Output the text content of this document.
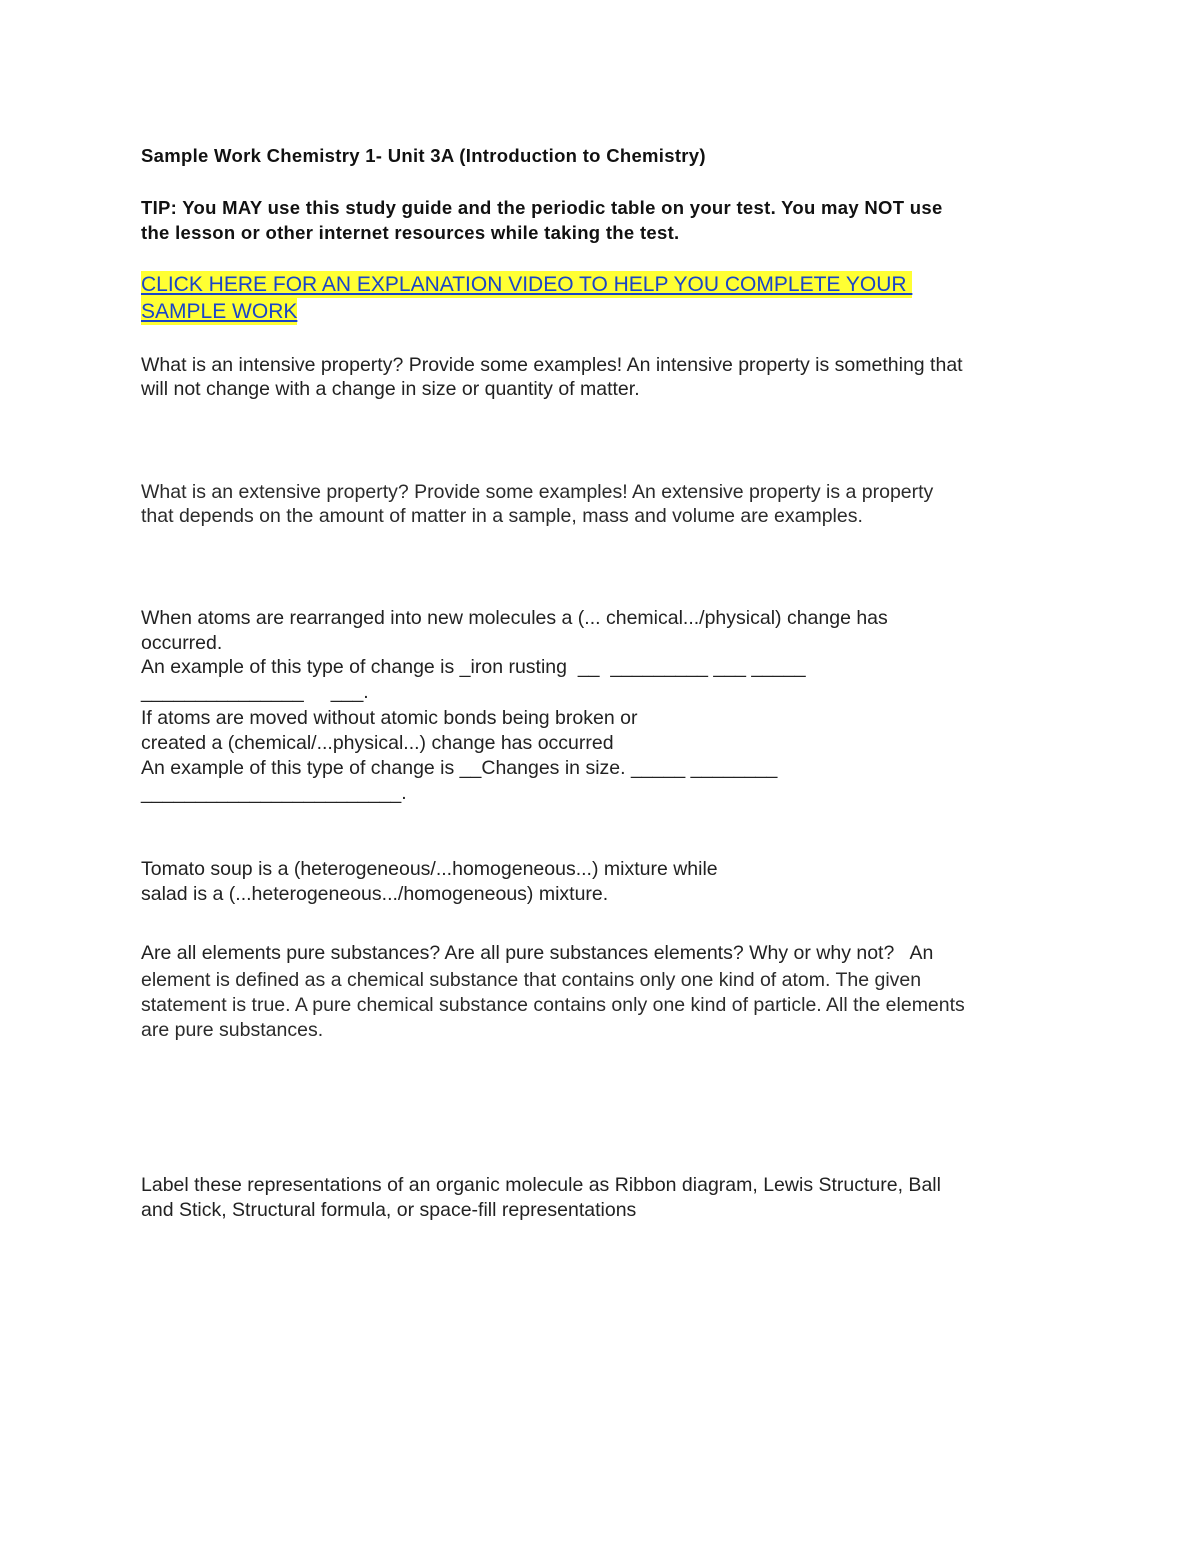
Sample Work Chemistry 1- Unit 3A (Introduction to Chemistry)

TIP: You MAY use this study guide and the periodic table on your test. You may NOT use

the lesson or other internet resources while taking the test.

CLICK HERE FOR AN EXPLANATION VIDEO TO HELP YOU COMPLETE YOUR

SAMPLE WORK

What is an intensive property? Provide some examples! An intensive property is something that

will not change with a change in size or quantity of matter.

What is an extensive property? Provide some examples! An extensive property is a property

that depends on the amount of matter in a sample, mass and volume are examples.

When atoms are rearranged into new molecules a (... chemical.../physical) change has

occurred.

An example of this type of change is _iron rusting  __  _________ ___ _____

_______________     ___.

If atoms are moved without atomic bonds being broken or

created a (chemical/...physical...) change has occurred

An example of this type of change is __Changes in size. _____ ________

________________________.

Tomato soup is a (heterogeneous/...homogeneous...) mixture while

salad is a (...heterogeneous.../homogeneous) mixture.

Are all elements pure substances? Are all pure substances elements? Why or why not?   An

element is defined as a chemical substance that contains only one kind of atom. The given

statement is true. A pure chemical substance contains only one kind of particle. All the elements

are pure substances.

Label these representations of an organic molecule as Ribbon diagram, Lewis Structure, Ball

and Stick, Structural formula, or space-fill representations
